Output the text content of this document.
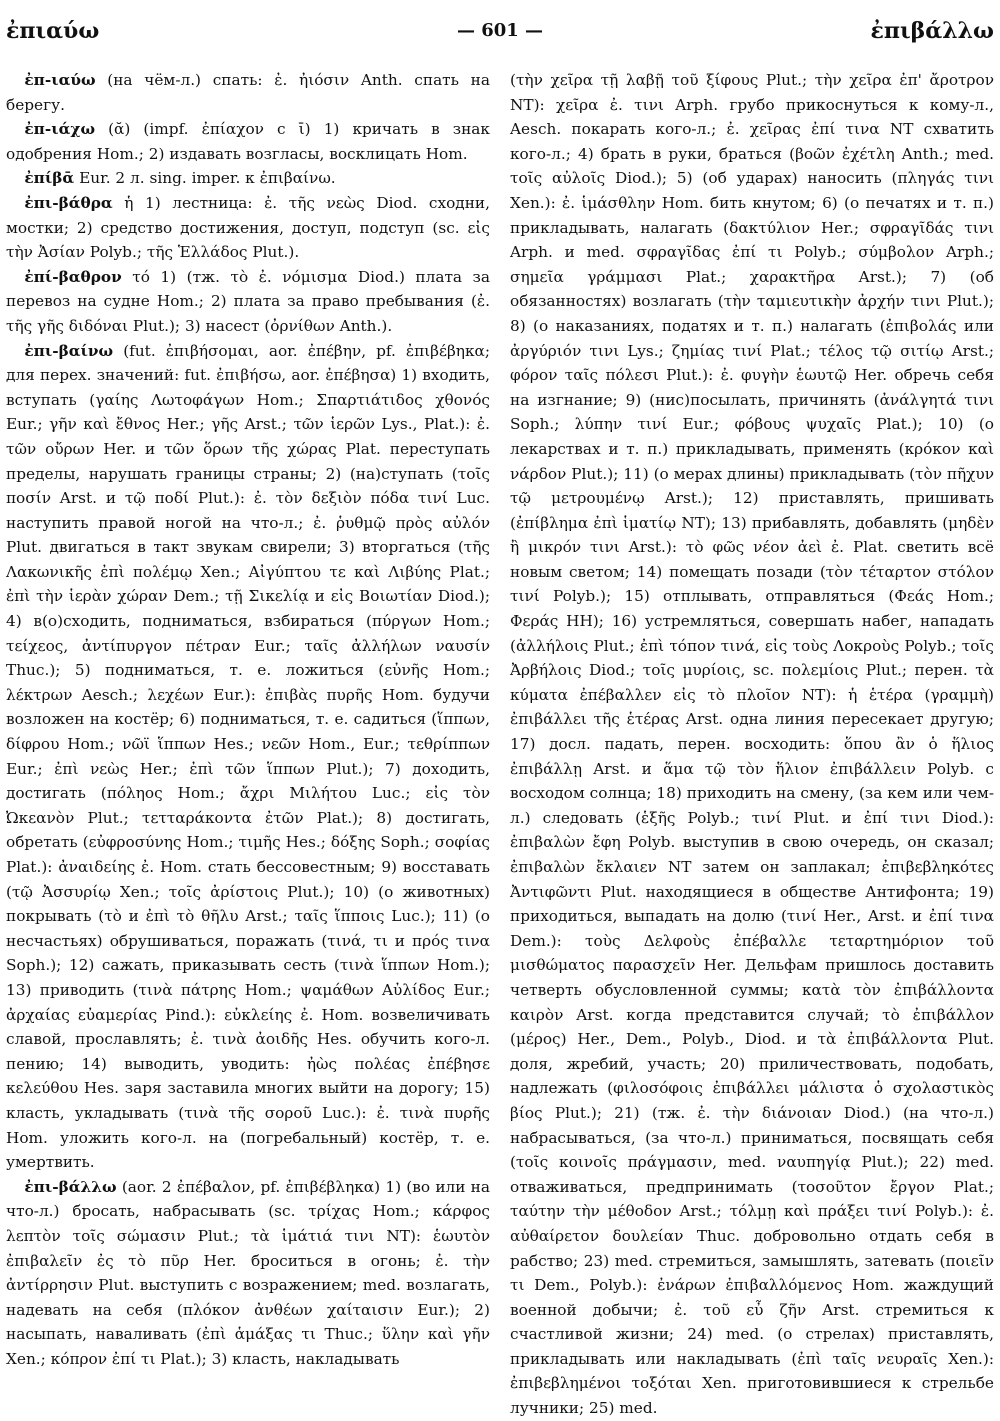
ἐπιαύω	— 601 —	ἐπιβάλλω

ἐπ-ιαύω (на чём-л.) спать: ἐ. ἠιόσιν Anth. спать на берегу.

ἐπ-ιάχω (ᾰ) (impf. ἐπίαχον с ῑ) 1) кричать в знак одобрения Hom.; 2) издавать возгласы, восклицать Hom.

ἐπίβᾱ Eur. 2 л. sing. imper. к ἐπιβαίνω.

ἐπι-βάθρα ἡ 1) лестница: ἐ. τῆς νεὼς Diod. сходни, мостки; 2) средство достижения, доступ, подступ (sc. εἰς τὴν Ἀσίαν Polyb.; τῆς Ἑλλάδος Plut.).

ἐπί-βαθρον τό 1) (тж. τὸ ἐ. νόμισμα Diod.) плата за перевоз на судне Hom.; 2) плата за право пребывания (ἐ. τῆς γῆς διδόναι Plut.); 3) насест (ὀρνίθων Anth.).

ἐπι-βαίνω (fut. ἐπιβήσομαι, aor. ἐπέβην, pf. ἐπιβέβηκα; для перех. значений: fut. ἐπιβήσω, aor. ἐπέβησα) 1) входить, вступать (γαίης Λωτοφάγων Hom.; Σπαρτιάτιδος χθονός Eur.; γῆν καὶ ἔθνος Her.; γῆς Arst.; τῶν ἱερῶν Lys., Plat.): ἐ. τῶν οὔρων Her. и τῶν ὅρων τῆς χώρας Plat. переступать пределы, нарушать границы страны; 2) (на)ступать (τοῖς ποσίν Arst. и τῷ ποδί Plut.): ἐ. τὸν δεξιὸν πόδα τινί Luc. наступить правой ногой на что-л.; ἐ. ῥυθμῷ πρὸς αὐλόν Plut. двигаться в такт звукам свирели; 3) вторгаться (τῆς Λακωνικῆς ἐπὶ πολέμῳ Xen.; Αἰγύπτου τε καὶ Λιβύης Plat.; ἐπὶ τὴν ἱερὰν χώραν Dem.; τῇ Σικελίᾳ и εἰς Βοιωτίαν Diod.); 4) в(о)сходить, подниматься, взбираться (πύργων Hom.; τείχεος, ἀντίπυργον πέτραν Eur.; ταῖς ἀλλήλων ναυσίν Thuc.); 5) подниматься, т. е. ложиться (εὐνῆς Hom.; λέκτρων Aesch.; λεχέων Eur.): ἐπιβὰς πυρῆς Hom. будучи возложен на костёр; 6) подниматься, т. е. садиться (ἵππων, δίφρου Hom.; νῶϊ ἵππων Hes.; νεῶν Hom., Eur.; τεθρίππων Eur.; ἐπὶ νεὼς Her.; ἐπὶ τῶν ἵππων Plut.); 7) доходить, достигать (πόληος Hom.; ἄχρι Μιλήτου Luc.; εἰς τὸν Ὠκεανὸν Plut.; τετταράκοντα ἐτῶν Plat.); 8) достигать, обретать (εὐφροσύνης Hom.; τιμῆς Hes.; δόξης Soph.; σοφίας Plat.): ἀναιδείης ἐ. Hom. стать бессовестным; 9) восставать (τῷ Ἀσσυρίῳ Xen.; τοῖς ἀρίστοις Plut.); 10) (о животных) покрывать (τὸ и ἐπὶ τὸ θῆλυ Arst.; ταῖς ἵπποις Luc.); 11) (о несчастьях) обрушиваться, поражать (τινά, τι и πρός τινα Soph.); 12) сажать, приказывать сесть (τινὰ ἵππων Hom.); 13) приводить (τινὰ πάτρης Hom.; ψαμάθων Αὐλίδος Eur.; ἀρχαίας εὐαμερίας Pind.): εὐκλείης ἐ. Hom. возвеличивать славой, прославлять; ἐ. τινὰ ἀοιδῆς Hes. обучить кого-л. пению; 14) выводить, уводить: ἠὼς πολέας ἐπέβησε κελεύθου Hes. заря заставила многих выйти на дорогу; 15) класть, укладывать (τινὰ τῆς σοροῦ Luc.): ἐ. τινὰ πυρῆς Hom. уложить кого-л. на (погребальный) костёр, т. е. умертвить.

ἐπι-βάλλω (aor. 2 ἐπέβαλον, pf. ἐπιβέβληκα) 1) (во или на что-л.) бросать, набрасывать (sc. τρίχας Hom.; κάρφος λεπτὸν τοῖς σώμασιν Plut.; τὰ ἱμάτιά τινι NT): ἑωυτὸν ἐπιβαλεῖν ἐς τὸ πῦρ Her. броситься в огонь; ἐ. τὴν ἀντίρρησιν Plut. выступить с возражением; med. возлагать, надевать на себя (πλόκον ἀνθέων χαίταισιν Eur.); 2) насыпать, наваливать (ἐπὶ ἁμάξας τι Thuc.; ὕλην καὶ γῆν Xen.; κόπρον ἐπί τι Plat.); 3) класть, накладывать

(τὴν χεῖρα τῇ λαβῇ τοῦ ξίφους Plut.; τὴν χεῖρα ἐπ' ἄροτρον NT): χεῖρα ἐ. τινι Arph. грубо прикоснуться к кому-л., Aesch. покарать кого-л.; ἐ. χεῖρας ἐπί τινα NT схватить кого-л.; 4) брать в руки, браться (βοῶν ἐχέτλη Anth.; med. τοῖς αὐλοῖς Diod.); 5) (об ударах) наносить (πληγάς τινι Xen.): ἐ. ἱμάσθλην Hom. бить кнутом; 6) (о печатях и т. п.) прикладывать, налагать (δακτύλιον Her.; σφραγῖδάς τινι Arph. и med. σφραγῖδας ἐπί τι Polyb.; σύμβολον Arph.; σημεῖα γράμμασι Plat.; χαρακτῆρα Arst.); 7) (об обязанностях) возлагать (τὴν ταμιευτικὴν ἀρχήν τινι Plut.); 8) (о наказаниях, податях и т. п.) налагать (ἐπιβολάς или ἀργύριόν τινι Lys.; ζημίας τινί Plat.; τέλος τῷ σιτίῳ Arst.; φόρον ταῖς πόλεσι Plut.): ἐ. φυγὴν ἑωυτῷ Her. обречь себя на изгнание; 9) (нис)посылать, причинять (ἀνάλγητά τινι Soph.; λύπην τινί Eur.; φόβους ψυχαῖς Plat.); 10) (о лекарствах и т. п.) прикладывать, применять (κρόκον καὶ νάρδον Plut.); 11) (о мерах длины) прикладывать (τὸν πῆχυν τῷ μετρουμένῳ Arst.); 12) приставлять, пришивать (ἐπίβλημα ἐπὶ ἱματίῳ NT); 13) прибавлять, добавлять (μηδὲν ἢ μικρόν τινι Arst.): τὸ φῶς νέον ἀεὶ ἐ. Plat. светить всё новым светом; 14) помещать позади (τὸν τέταρτον στόλον τινί Polyb.); 15) отплывать, отправляться (Φεάς Hom.; Φεράς HH); 16) устремляться, совершать набег, нападать (ἀλλήλοις Plut.; ἐπὶ τόπον τινά, εἰς τοὺς Λοκροὺς Polyb.; τοῖς Ἀρβήλοις Diod.; τοῖς μυρίοις, sc. πολεμίοις Plut.; перен. τὰ κύματα ἐπέβαλλεν εἰς τὸ πλοῖον NT): ἡ ἑτέρα (γραμμὴ) ἐπιβάλλει τῆς ἑτέρας Arst. одна линия пересекает другую; 17) досл. падать, перен. восходить: ὅπου ἂν ὁ ἥλιος ἐπιβάλλῃ Arst. и ἅμα τῷ τὸν ἥλιον ἐπιβάλλειν Polyb. с восходом солнца; 18) приходить на смену, (за кем или чем-л.) следовать (ἑξῆς Polyb.; τινί Plut. и ἐπί τινι Diod.): ἐπιβαλὼν ἔφη Polyb. выступив в свою очередь, он сказал; ἐπιβαλὼν ἔκλαιεν NT затем он заплакал; ἐπιβεβληκότες Ἀντιφῶντι Plut. находящиеся в обществе Антифонта; 19) приходиться, выпадать на долю (τινί Her., Arst. и ἐπί τινα Dem.): τοὺς Δελφοὺς ἐπέβαλλε τεταρτημόριον τοῦ μισθώματος παρασχεῖν Her. Дельфам пришлось доставить четверть обусловленной суммы; κατὰ τὸν ἐπιβάλλοντα καιρὸν Arst. когда представится случай; τὸ ἐπιβάλλον (μέρος) Her., Dem., Polyb., Diod. и τὰ ἐπιβάλλοντα Plut. доля, жребий, участь; 20) приличествовать, подобать, надлежать (φιλοσόφοις ἐπιβάλλει μάλιστα ὁ σχολαστικὸς βίος Plut.); 21) (тж. ἐ. τὴν διάνοιαν Diod.) (на что-л.) набрасываться, (за что-л.) приниматься, посвящать себя (τοῖς κοινοῖς πράγμασιν, med. ναυπηγίᾳ Plut.); 22) med. отваживаться, предпринимать (τοσοῦτον ἔργον Plat.; ταύτην τὴν μέθοδον Arst.; τόλμῃ καὶ πράξει τινί Polyb.): ἐ. αὐθαίρετον δουλείαν Thuc. добровольно отдать себя в рабство; 23) med. стремиться, замышлять, затевать (ποιεῖν τι Dem., Polyb.): ἐνάρων ἐπιβαλλόμενος Hom. жаждущий военной добычи; ἐ. τοῦ εὖ ζῆν Arst. стремиться к счастливой жизни; 24) med. (о стрелах) приставлять, прикладывать или накладывать (ἐπὶ ταῖς νευραῖς Xen.): ἐπιβεβλημένοι τοξόται Xen. приготовившиеся к стрельбе лучники; 25) med.
